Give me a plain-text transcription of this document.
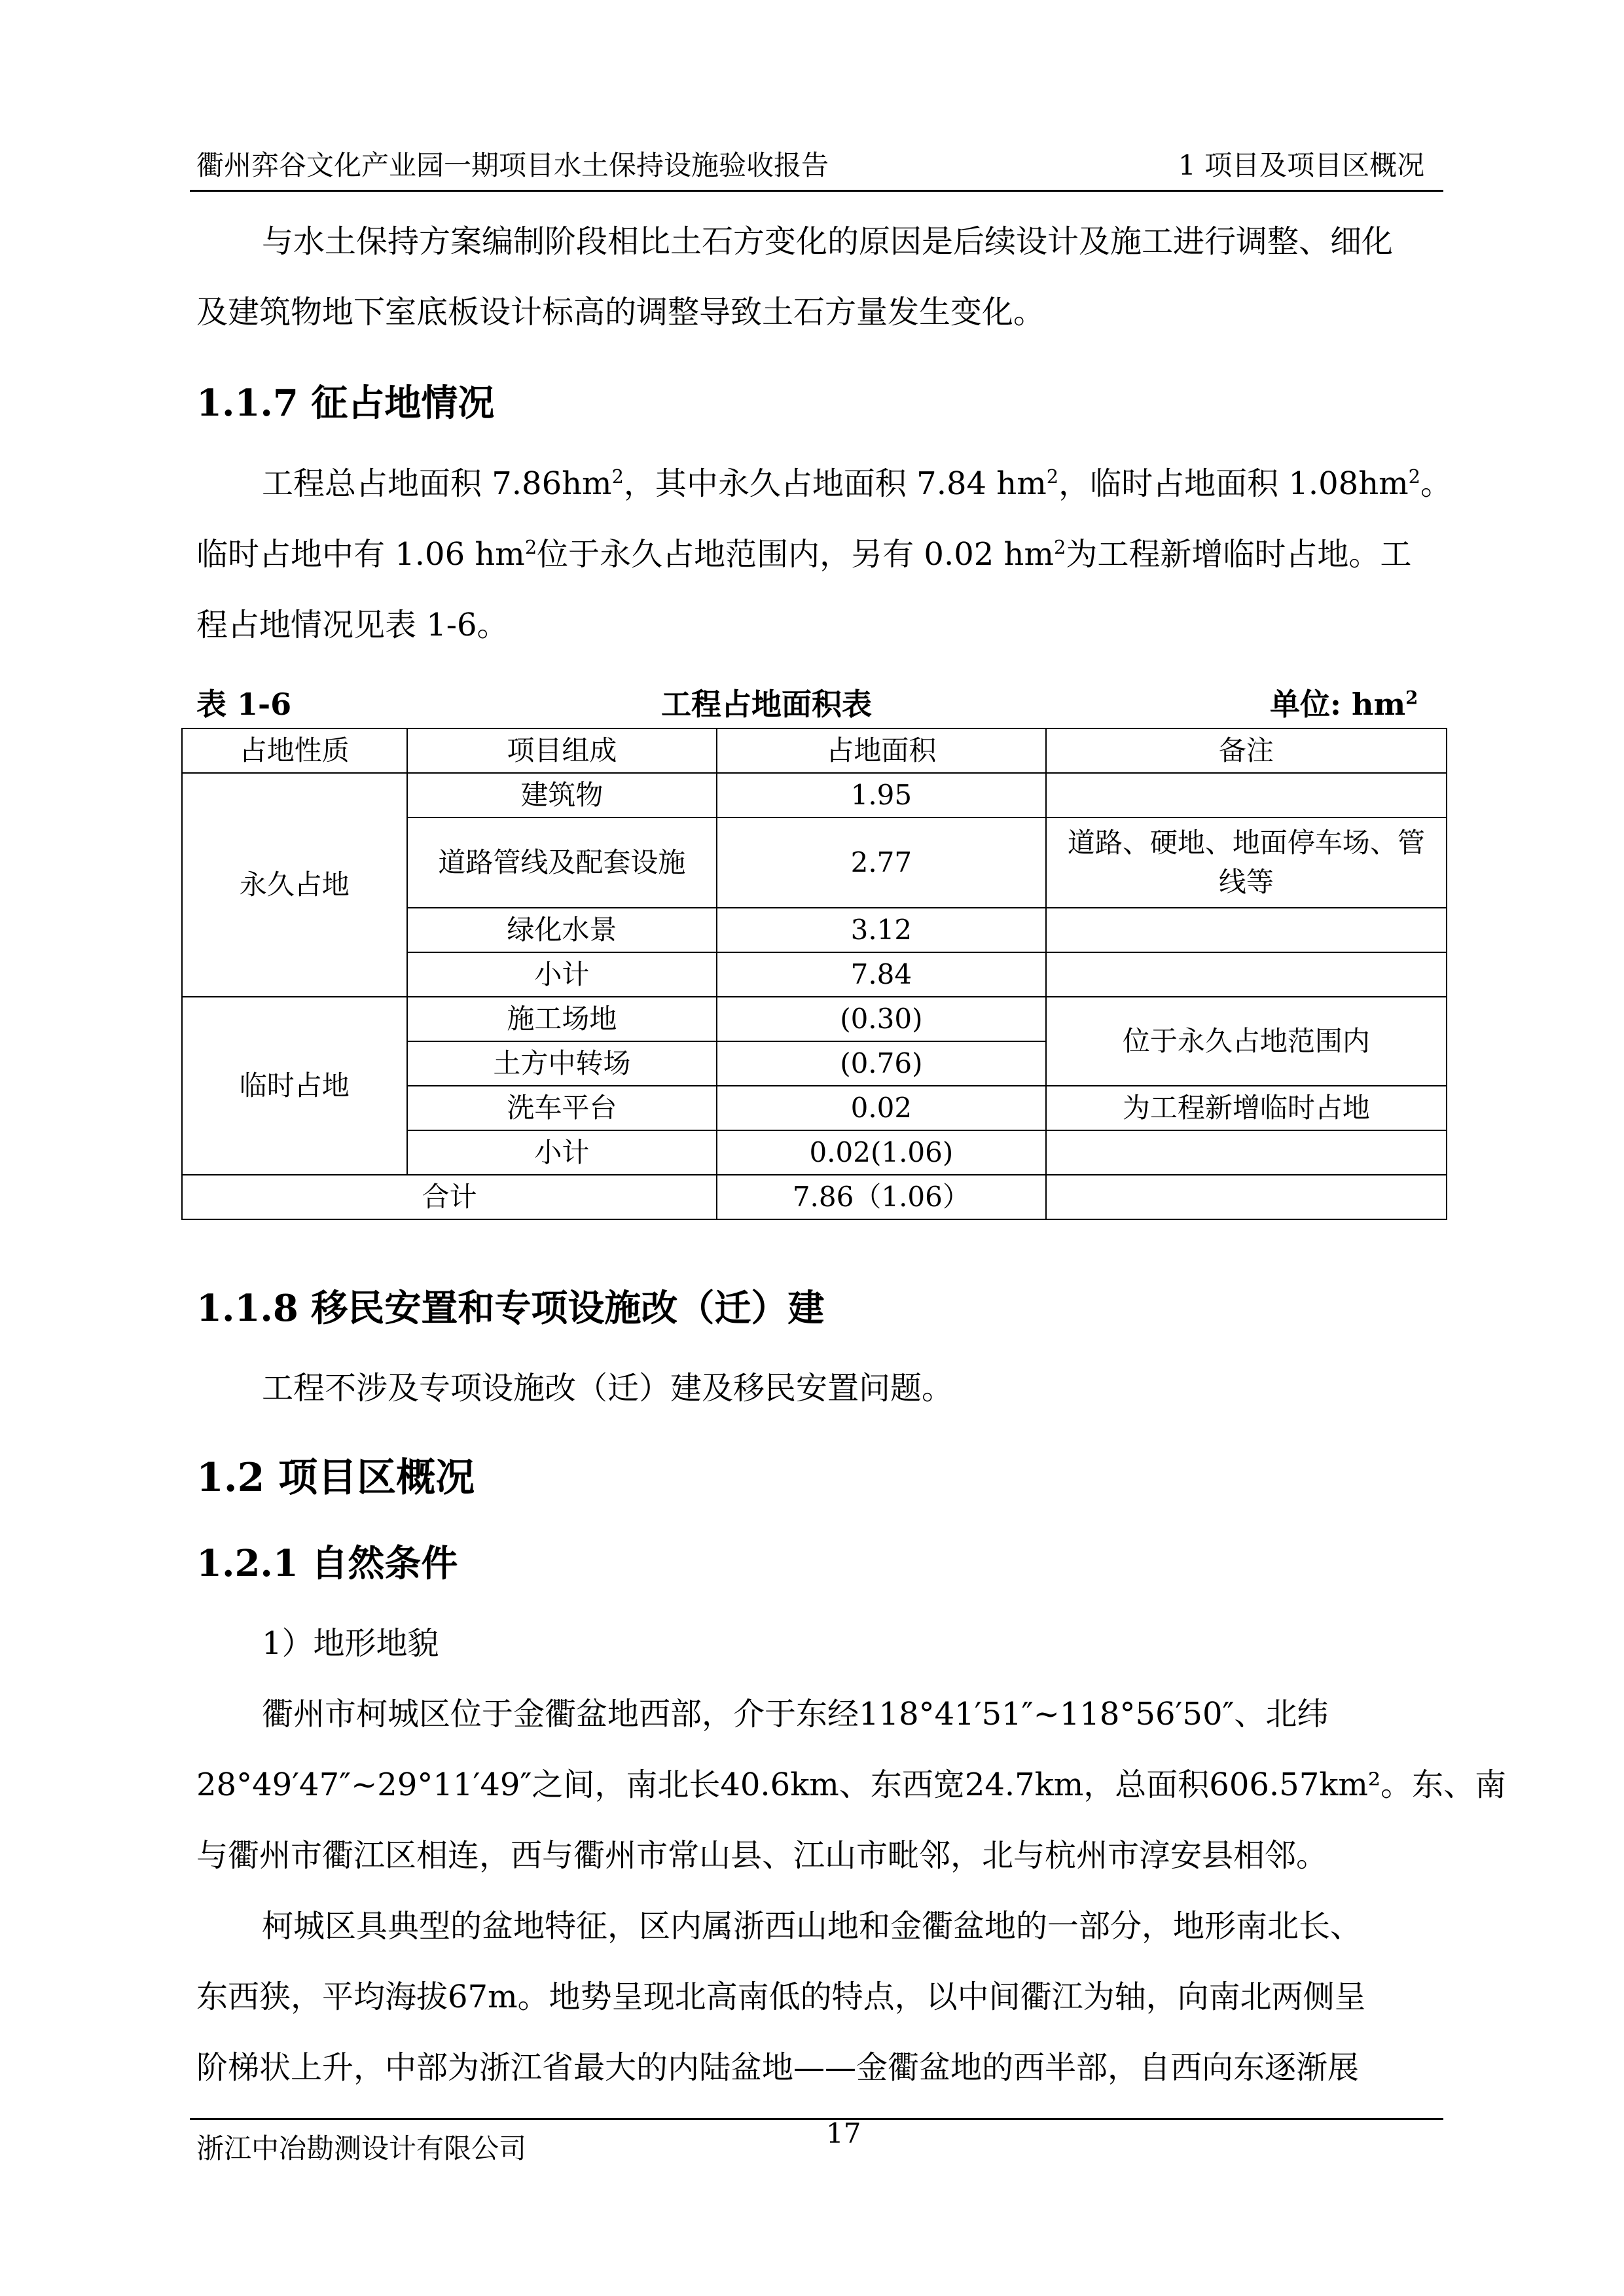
衢州弈谷文化产业园一期项目水土保持设施验收报告	1 项目及项目区概况
与水土保持方案编制阶段相比土石方变化的原因是后续设计及施工进行调整、细化
及建筑物地下室底板设计标高的调整导致土石方量发生变化。
1.1.7 征占地情况
工程总占地面积 $7.86hm^2$，其中永久占地面积 7.84 $hm^2$，临时占地面积 $1.08hm^2$。
临时占地中有 1.06 $hm^2$位于永久占地范围内，另有 0.02 $hm^2$为工程新增临时占地。工
程占地情况见表 1-6。
表 1-6	工程占地面积表	单位: $hm^2$
占地性质	项目组成	占地面积	备注
永久占地	建筑物	1.95	
	道路管线及配套设施	2.77	道路、硬地、地面停车场、管
线等

	绿化水景	3.12	
	小计	7.84	
临时占地	施工场地	(0.30)	位于永久占地范围内
	土方中转场	(0.76)	
	洗车平台	0.02	为工程新增临时占地
	小计	0.02(1.06)	
合计		7.86（1.06）	
1.1.8 移民安置和专项设施改（迁）建
工程不涉及专项设施改（迁）建及移民安置问题。
1.2 项目区概况
1.2.1 自然条件
1）地形地貌
衢州市柯城区位于金衢盆地西部，介于东经118°41′51″~118°56′50″、北纬
28°49′47″~29°11′49″之间，南北长40.6km、东西宽24.7km，总面积606.57km²。东、南
与衢州市衢江区相连，西与衢州市常山县、江山市毗邻，北与杭州市淳安县相邻。
柯城区具典型的盆地特征，区内属浙西山地和金衢盆地的一部分，地形南北长、
东西狭，平均海拔67m。地势呈现北高南低的特点，以中间衢江为轴，向南北两侧呈
阶梯状上升，中部为浙江省最大的内陆盆地——金衢盆地的西半部，自西向东逐渐展
浙江中冶勘测设计有限公司	17
